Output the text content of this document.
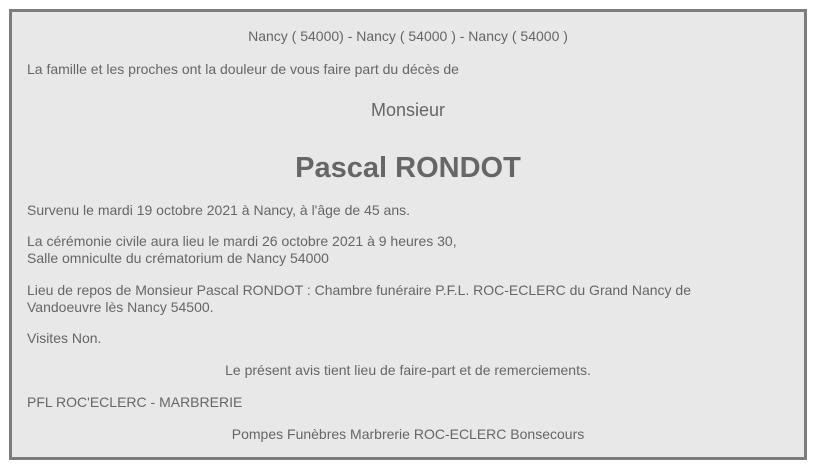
Nancy ( 54000) - Nancy ( 54000 ) - Nancy ( 54000 )
La famille et les proches ont la douleur de vous faire part du décès de
Monsieur
Pascal RONDOT
Survenu le mardi 19 octobre 2021 à Nancy, à l'âge de 45 ans.
La cérémonie civile aura lieu le mardi 26 octobre 2021 à 9 heures 30,
Salle omniculte du crématorium de Nancy 54000
Lieu de repos de Monsieur Pascal RONDOT : Chambre funéraire P.F.L. ROC-ECLERC du Grand Nancy de Vandoeuvre lès Nancy 54500.
Visites Non.
Le présent avis tient lieu de faire-part et de remerciements.
PFL ROC'ECLERC - MARBRERIE
Pompes Funèbres Marbrerie ROC-ECLERC Bonsecours
